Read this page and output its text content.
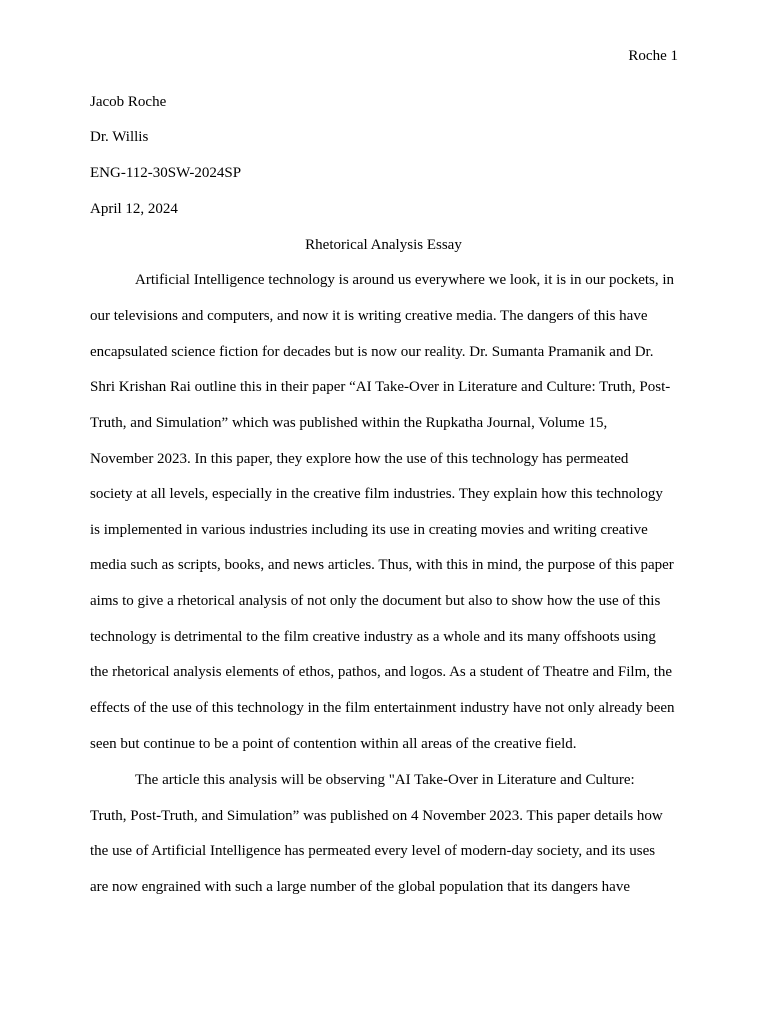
Roche 1
Jacob Roche
Dr. Willis
ENG-112-30SW-2024SP
April 12, 2024
Rhetorical Analysis Essay
Artificial Intelligence technology is around us everywhere we look, it is in our pockets, in
our televisions and computers, and now it is writing creative media. The dangers of this have
encapsulated science fiction for decades but is now our reality. Dr. Sumanta Pramanik and Dr.
Shri Krishan Rai outline this in their paper “AI Take-Over in Literature and Culture: Truth, Post-
Truth, and Simulation” which was published within the Rupkatha Journal, Volume 15,
November 2023. In this paper, they explore how the use of this technology has permeated
society at all levels, especially in the creative film industries. They explain how this technology
is implemented in various industries including its use in creating movies and writing creative
media such as scripts, books, and news articles. Thus, with this in mind, the purpose of this paper
aims to give a rhetorical analysis of not only the document but also to show how the use of this
technology is detrimental to the film creative industry as a whole and its many offshoots using
the rhetorical analysis elements of ethos, pathos, and logos. As a student of Theatre and Film, the
effects of the use of this technology in the film entertainment industry have not only already been
seen but continue to be a point of contention within all areas of the creative field.
The article this analysis will be observing "AI Take-Over in Literature and Culture:
Truth, Post-Truth, and Simulation” was published on 4 November 2023. This paper details how
the use of Artificial Intelligence has permeated every level of modern-day society, and its uses
are now engrained with such a large number of the global population that its dangers have
